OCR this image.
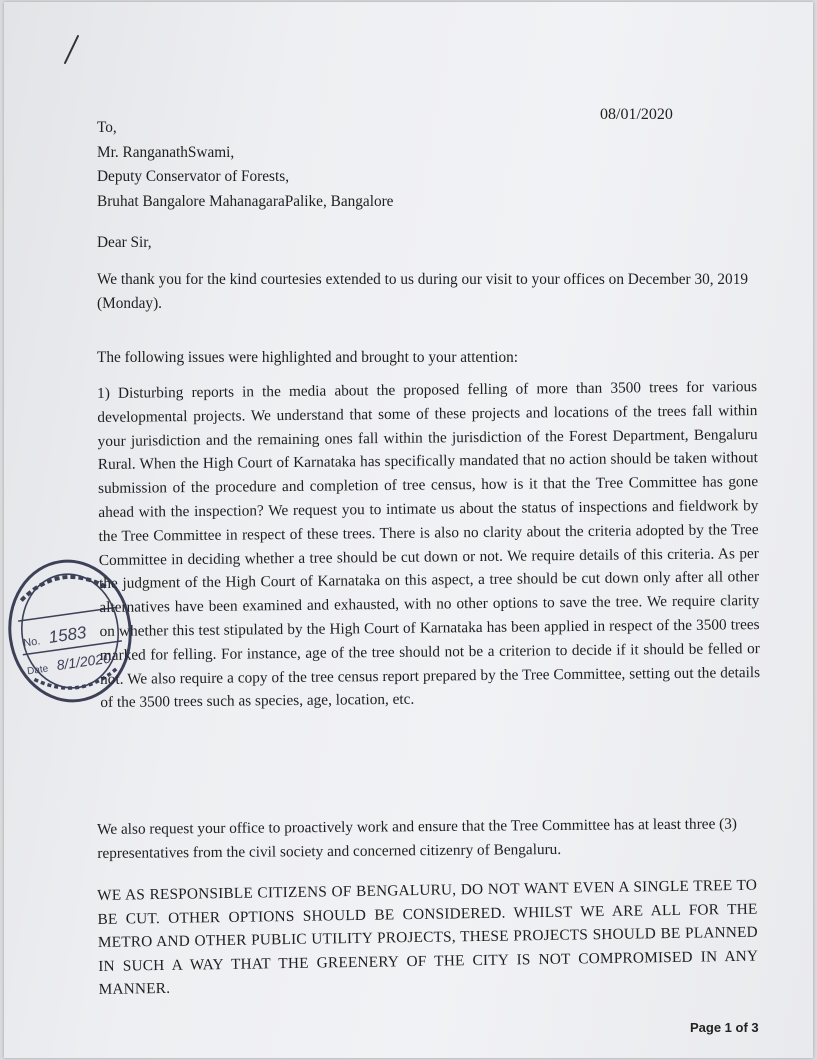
08/01/2020
To,
Mr. RanganathSwami,
Deputy Conservator of Forests,
Bruhat Bangalore MahanagaraPalike, Bangalore
Dear Sir,
We thank you for the kind courtesies extended to us during our visit to your offices on December 30, 2019 (Monday).
The following issues were highlighted and brought to your attention:
1) Disturbing reports in the media about the proposed felling of more than 3500 trees for various developmental projects. We understand that some of these projects and locations of the trees fall within your jurisdiction and the remaining ones fall within the jurisdiction of the Forest Department, Bengaluru Rural. When the High Court of Karnataka has specifically mandated that no action should be taken without submission of the procedure and completion of tree census, how is it that the Tree Committee has gone ahead with the inspection? We request you to intimate us about the status of inspections and fieldwork by the Tree Committee in respect of these trees. There is also no clarity about the criteria adopted by the Tree Committee in deciding whether a tree should be cut down or not. We require details of this criteria. As per the judgment of the High Court of Karnataka on this aspect, a tree should be cut down only after all other alternatives have been examined and exhausted, with no other options to save the tree. We require clarity on whether this test stipulated by the High Court of Karnataka has been applied in respect of the 3500 trees marked for felling. For instance, age of the tree should not be a criterion to decide if it should be felled or not. We also require a copy of the tree census report prepared by the Tree Committee, setting out the details of the 3500 trees such as species, age, location, etc.
We also request your office to proactively work and ensure that the Tree Committee has at least three (3) representatives from the civil society and concerned citizenry of Bengaluru.
WE AS RESPONSIBLE CITIZENS OF BENGALURU, DO NOT WANT EVEN A SINGLE TREE TO BE CUT. OTHER OPTIONS SHOULD BE CONSIDERED. WHILST WE ARE ALL FOR THE METRO AND OTHER PUBLIC UTILITY PROJECTS, THESE PROJECTS SHOULD BE PLANNED IN SUCH A WAY THAT THE GREENERY OF THE CITY IS NOT COMPROMISED IN ANY MANNER.
Page 1 of 3
No. 1583
Date 8/1/2020
